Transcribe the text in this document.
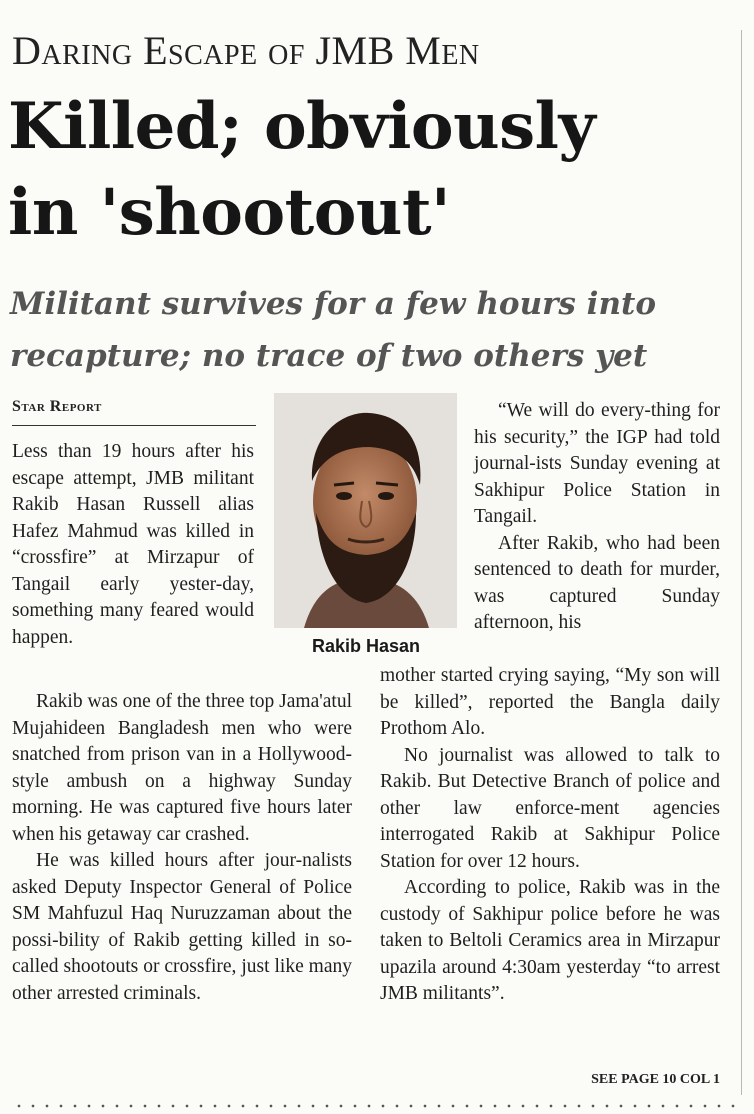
Daring Escape of JMB Men
Killed; obviously
in 'shootout'
Militant survives for a few hours into
recapture; no trace of two others yet
Star Report
Rakib Hasan

Less than 19 hours after his escape attempt, JMB militant Rakib Hasan Russell alias Hafez Mahmud was killed in “crossfire” at Mirzapur of Tangail early yester-day, something many feared would happen.

Rakib was one of the three top Jama'atul Mujahideen Bangladesh men who were snatched from prison van in a Hollywood-style ambush on a highway Sunday morning. He was captured five hours later when his getaway car crashed.

He was killed hours after jour-nalists asked Deputy Inspector General of Police SM Mahfuzul Haq Nuruzzaman about the possi-bility of Rakib getting killed in so-called shootouts or crossfire, just like many other arrested criminals.

“We will do every-thing for his security,” the IGP had told journal-ists Sunday evening at Sakhipur Police Station in Tangail.

After Rakib, who had been sentenced to death for murder, was captured Sunday afternoon, his

mother started crying saying, “My son will be killed”, reported the Bangla daily Prothom Alo.

No journalist was allowed to talk to Rakib. But Detective Branch of police and other law enforce-ment agencies interrogated Rakib at Sakhipur Police Station for over 12 hours.

According to police, Rakib was in the custody of Sakhipur police before he was taken to Beltoli Ceramics area in Mirzapur upazila around 4:30am yesterday “to arrest JMB militants”.

SEE PAGE 10 COL 1
